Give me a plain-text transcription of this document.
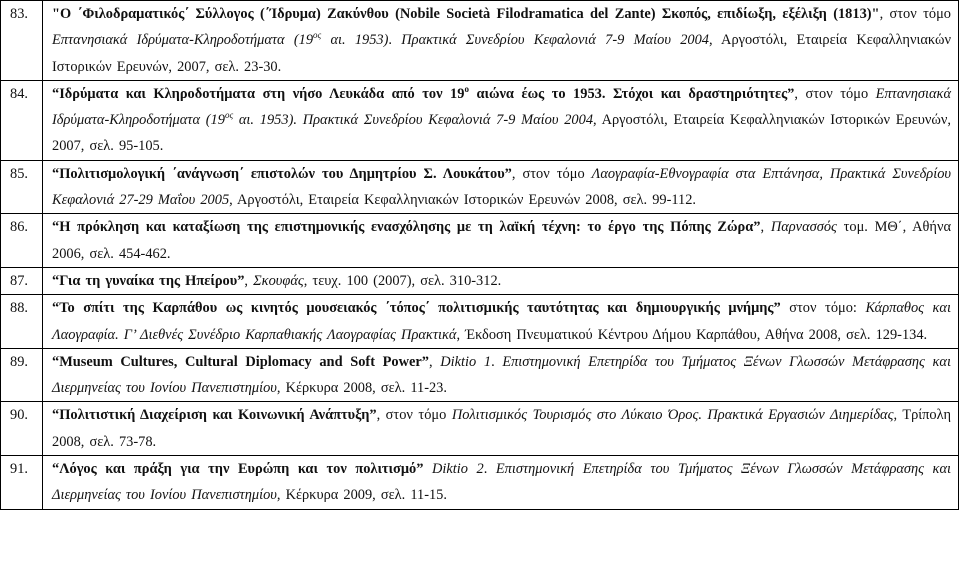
83.	"Ο ΄Φιλοδραματικός΄ Σύλλογος (΄Ίδρυμα) Ζακύνθου (Nobile Società Filodramatica del Zante) Σκοπός, επιδίωξη, εξέλιξη (1813)", στον τόμο Επτανησιακά Ιδρύματα-Κληροδοτήματα ($19^{o\varsigma}$ αι. 1953). Πρακτικά Συνεδρίου Κεφαλονιά 7-9 Μαίου 2004, Αργοστόλι, Εταιρεία Κεφαλληνιακών Ιστορικών Ερευνών, 2007, σελ. 23-30.
84.	“Ιδρύματα και Κληροδοτήματα στη νήσο Λευκάδα από τον $19^o$ αιώνα έως το 1953. Στόχοι και δραστηριότητες”, στον τόμο Επτανησιακά Ιδρύματα-Κληροδοτήματα ($19^{o\varsigma}$ αι. 1953). Πρακτικά Συνεδρίου Κεφαλονιά 7-9 Μαίου 2004, Αργοστόλι, Εταιρεία Κεφαλληνιακών Ιστορικών Ερευνών, 2007, σελ. 95-105.
85.	“Πολιτισμολογική ΄ανάγνωση΄ επιστολών του Δημητρίου Σ. Λουκάτου”, στον τόμο Λαογραφία-Εθνογραφία στα Επτάνησα, Πρακτικά Συνεδρίου Κεφαλονιά 27-29 Μαΐου 2005, Αργοστόλι, Εταιρεία Κεφαλληνιακών Ιστορικών Ερευνών 2008, σελ. 99-112.
86.	“Η πρόκληση και καταξίωση της επιστημονικής ενασχόλησης με τη λαϊκή τέχνη: το έργο της Πόπης Ζώρα”, Παρνασσός τομ. ΜΘ΄, Αθήνα 2006, σελ. 454-462.
87.	“Για τη γυναίκα της Ηπείρου”, Σκουφάς, τευχ. 100 (2007), σελ. 310-312.
88.	“Το σπίτι της Καρπάθου ως κινητός μουσειακός ΄τόπος΄ πολιτισμικής ταυτότητας και δημιουργικής μνήμης” στον τόμο: Κάρπαθος και Λαογραφία. Γ’ Διεθνές Συνέδριο Καρπαθιακής Λαογραφίας Πρακτικά, Έκδοση Πνευματικού Κέντρου Δήμου Καρπάθου, Αθήνα 2008, σελ. 129-134.
89.	“Museum Cultures, Cultural Diplomacy and Soft Power”, Diktio 1. Επιστημονική Επετηρίδα του Τμήματος Ξένων Γλωσσών Μετάφρασης και Διερμηνείας του Ιονίου Πανεπιστημίου, Κέρκυρα 2008, σελ. 11-23.
90.	“Πολιτιστική Διαχείριση και Κοινωνική Ανάπτυξη”, στον τόμο Πολιτισμικός Τουρισμός στο Λύκαιο Όρος. Πρακτικά Εργασιών Διημερίδας, Τρίπολη 2008, σελ. 73-78.
91.	“Λόγος και πράξη για την Ευρώπη και τον πολιτισμό” Diktio 2. Επιστημονική Επετηρίδα του Τμήματος Ξένων Γλωσσών Μετάφρασης και Διερμηνείας του Ιονίου Πανεπιστημίου, Κέρκυρα 2009, σελ. 11-15.
